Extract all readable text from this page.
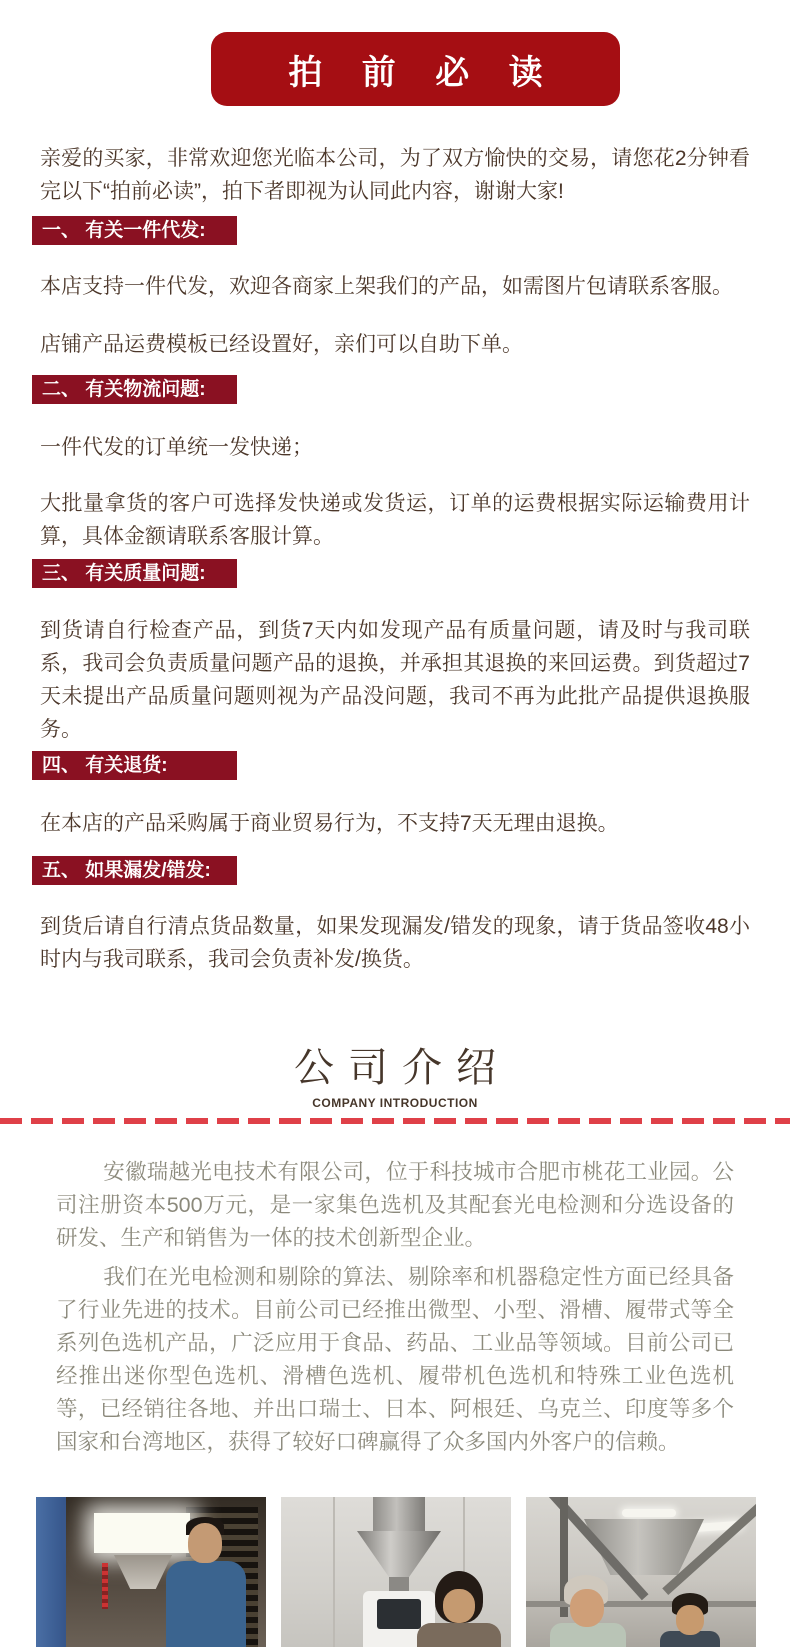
拍 前 必 读

亲爱的买家，非常欢迎您光临本公司，为了双方愉快的交易，请您花2分钟看完以下“拍前必读”，拍下者即视为认同此内容，谢谢大家!

一、 有关一件代发:

本店支持一件代发，欢迎各商家上架我们的产品，如需图片包请联系客服。

店铺产品运费模板已经设置好，亲们可以自助下单。

二、 有关物流问题:

一件代发的订单统一发快递；

大批量拿货的客户可选择发快递或发货运，订单的运费根据实际运输费用计算，具体金额请联系客服计算。

三、 有关质量问题:

到货请自行检查产品，到货7天内如发现产品有质量问题，请及时与我司联系，我司会负责质量问题产品的退换，并承担其退换的来回运费。到货超过7天未提出产品质量问题则视为产品没问题，我司不再为此批产品提供退换服务。

四、 有关退货:

在本店的产品采购属于商业贸易行为，不支持7天无理由退换。

五、 如果漏发/错发:

到货后请自行清点货品数量，如果发现漏发/错发的现象，请于货品签收48小时内与我司联系，我司会负责补发/换货。

公司介绍
COMPANY INTRODUCTION

安徽瑞越光电技术有限公司，位于科技城市合肥市桃花工业园。公司注册资本500万元，是一家集色选机及其配套光电检测和分选设备的研发、生产和销售为一体的技术创新型企业。

我们在光电检测和剔除的算法、剔除率和机器稳定性方面已经具备了行业先进的技术。目前公司已经推出微型、小型、滑槽、履带式等全系列色选机产品，广泛应用于食品、药品、工业品等领域。目前公司已经推出迷你型色选机、滑槽色选机、履带机色选机和特殊工业色选机等，已经销往各地、并出口瑞士、日本、阿根廷、乌克兰、印度等多个国家和台湾地区，获得了较好口碑赢得了众多国内外客户的信赖。
